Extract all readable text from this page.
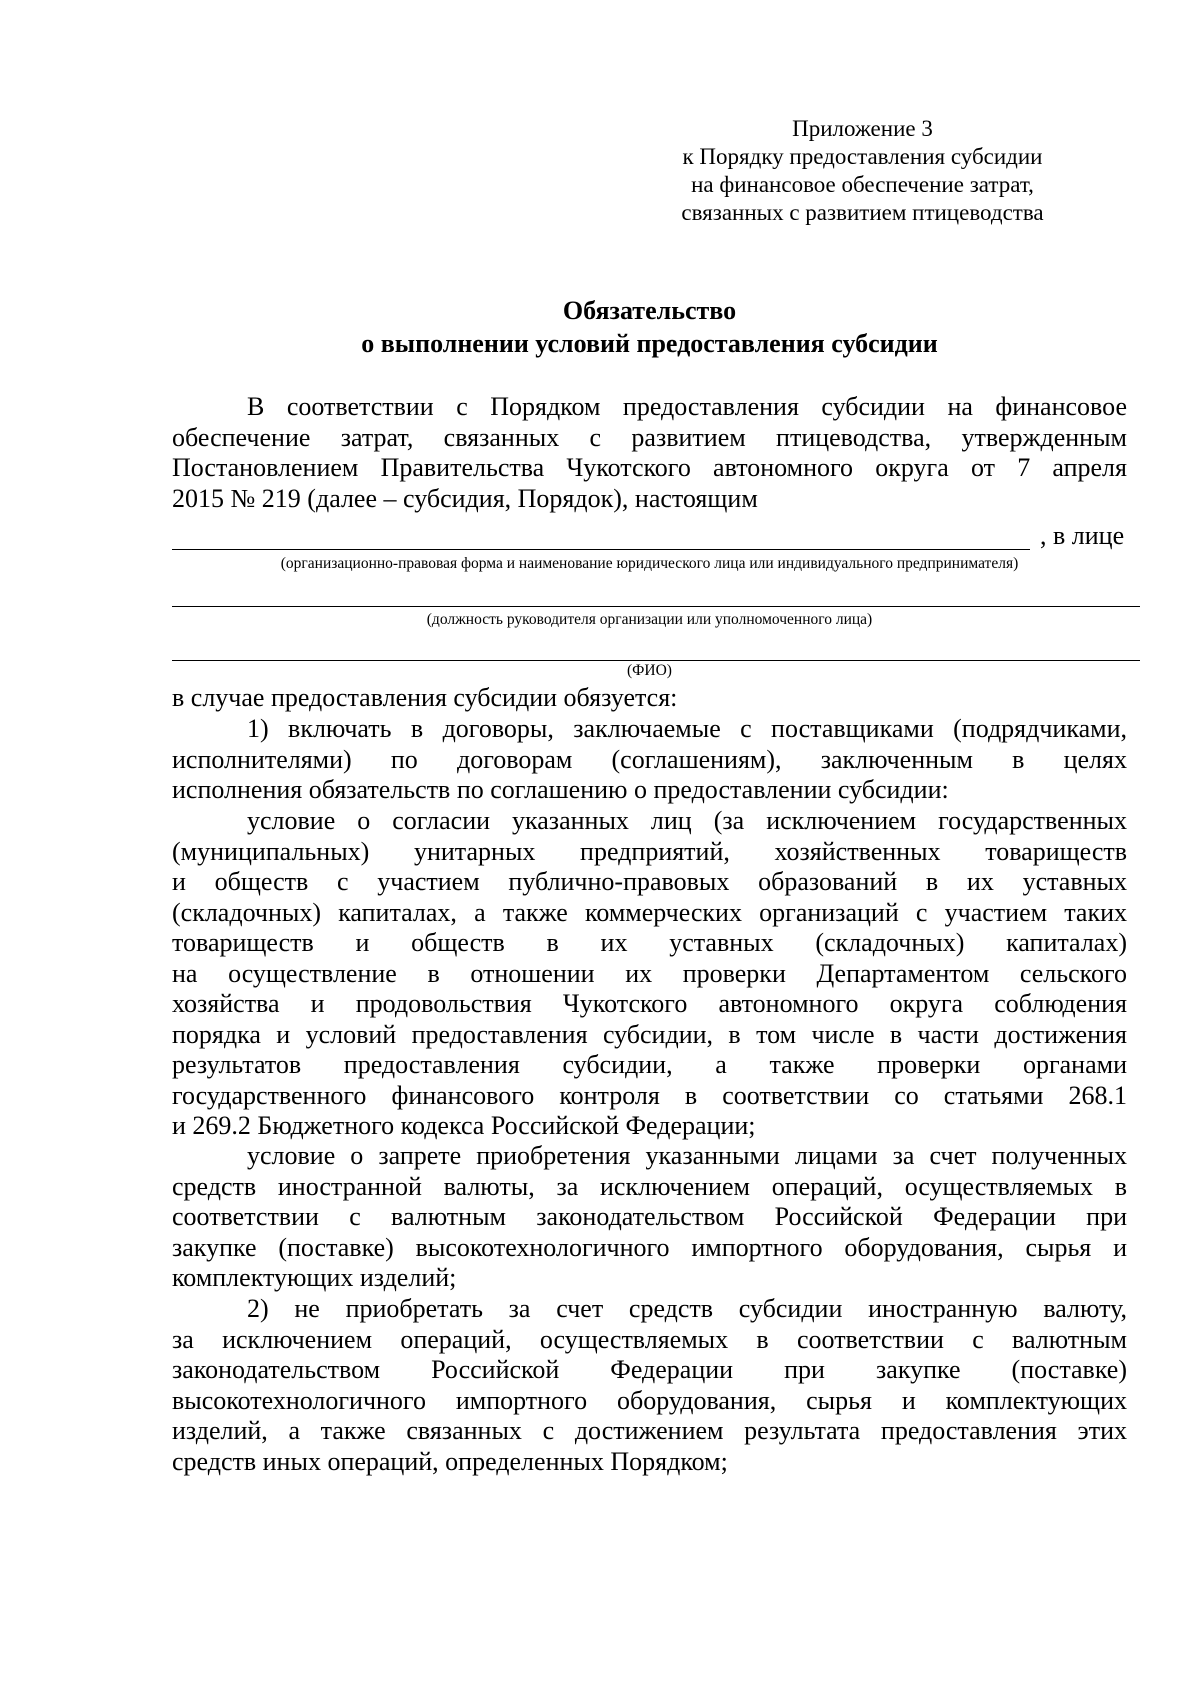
Приложение 3
к Порядку предоставления субсидии
на финансовое обеспечение затрат,
связанных с развитием птицеводства
Обязательство
о выполнении условий предоставления субсидии
В соответствии с Порядком предоставления субсидии на финансовое
обеспечение затрат, связанных с развитием птицеводства, утвержденным
Постановлением Правительства Чукотского автономного округа от 7 апреля
2015 № 219 (далее – субсидия, Порядок), настоящим
, в лице
(организационно-правовая форма и наименование юридического лица или индивидуального предпринимателя)
(должность руководителя организации или уполномоченного лица)
(ФИО)
в случае предоставления субсидии обязуется:
1) включать в договоры, заключаемые с поставщиками (подрядчиками,
исполнителями) по договорам (соглашениям), заключенным в целях
исполнения обязательств по соглашению о предоставлении субсидии:
условие о согласии указанных лиц (за исключением государственных
(муниципальных) унитарных предприятий, хозяйственных товариществ
и обществ с участием публично-правовых образований в их уставных
(складочных) капиталах, а также коммерческих организаций с участием таких
товариществ и обществ в их уставных (складочных) капиталах)
на осуществление в отношении их проверки Департаментом сельского
хозяйства и продовольствия Чукотского автономного округа соблюдения
порядка и условий предоставления субсидии, в том числе в части достижения
результатов предоставления субсидии, а также проверки органами
государственного финансового контроля в соответствии со статьями 268.1
и 269.2 Бюджетного кодекса Российской Федерации;
условие о запрете приобретения указанными лицами за счет полученных
средств иностранной валюты, за исключением операций, осуществляемых в
соответствии с валютным законодательством Российской Федерации при
закупке (поставке) высокотехнологичного импортного оборудования, сырья и
комплектующих изделий;
2) не приобретать за счет средств субсидии иностранную валюту,
за исключением операций, осуществляемых в соответствии с валютным
законодательством Российской Федерации при закупке (поставке)
высокотехнологичного импортного оборудования, сырья и комплектующих
изделий, а также связанных с достижением результата предоставления этих
средств иных операций, определенных Порядком;
